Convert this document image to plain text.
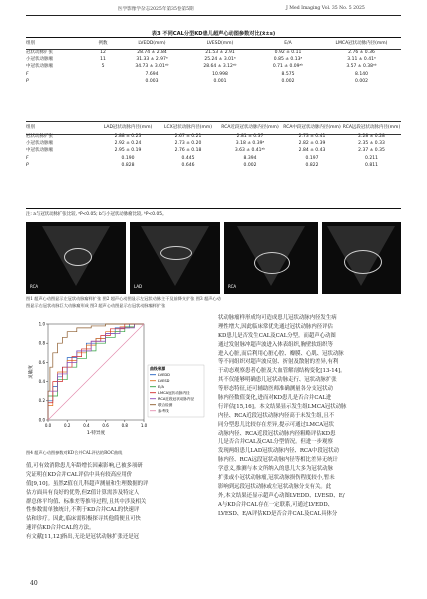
医学影像学杂志2025年第35卷第5期	J Med Imaging Vol. 35 No. 5 2025
表3 不同CAL分型KD患儿超声心动图参数对比(x̄±s)
组别	例数	LVEDD(mm)	LVESD(mm)	E/A	LMCA冠状动脉内径(mm)
冠状动脉扩张	12	28.74 ± 2.84	21.53 ± 2.91	0.92 ± 0.11	2.76 ± 0.36
小冠状动脉瘤	11	31.33 ± 2.97ᵃ	25.24 ± 3.01ᵃ	0.85 ± 0.13ᵃ	3.11 ± 0.41ᵃ
中冠状动脉瘤	5	34.73 ± 3.01ᵃᵇ	28.64 ± 3.12ᵃᵇ	0.71 ± 0.09ᵃᵇ	3.57 ± 0.38ᵃᵇ
F		7.694	10.998	8.575	8.140
P		0.003	0.001	0.002	0.002
组别	LAD冠状动脉内径(mm)	LCX冠状动脉内径(mm)	RCA近段冠状动脉内径(mm)	RCA中段冠状动脉内径(mm)	RCA远段冠状动脉内径(mm)
冠状动脉扩张	2.88 ± 0.23	2.67 ± 0.21	2.81 ± 0.37	2.73 ± 0.41	2.28 ± 0.28
小冠状动脉瘤	2.92 ± 0.24	2.73 ± 0.20	3.18 ± 0.39ᵃ	2.82 ± 0.39	2.35 ± 0.33
中冠状动脉瘤	2.95 ± 0.19	2.76 ± 0.18	3.63 ± 0.41ᵃᵇ	2.84 ± 0.43	2.37 ± 0.35
F	0.190	0.445	8.394	0.197	0.211
P	0.828	0.646	0.002	0.822	0.811
注: a与冠状动脉扩张比较, ᵃP<0.05; b与小冠状动脉瘤比较, ᵇP<0.05。
RCA	LAD	RCA
图1 超声心动图显示左冠状动脉瘤样扩张 图2 超声心动图显示左冠状动脉主干及前降支扩张 图3 超声心动
图显示右冠状动脉巨大动脉瘤形成 图3 超声心动图显示右冠状动脉瘤样扩张
0.0	0.2	0.4	0.6	0.8	1.0
0.0
0.2
0.4
0.6
0.8
1.0
1-特异度
灵敏度	曲线来源
LVEDD
LVESD
E/A
LMCA冠状动脉内径
RCA近段冠状动脉内径
联合检测
参考线
图4 超声心动图参数对KD合并CAL评估的ROC曲线
值,可有效消除患儿年龄增长因素影响,已被多项研
究证明在KD合并CAL评估中具有较高应用价
值[9,10]。虽然Z值在儿科超声测量和生理数据的评
估方面具有良好的优势,但Z值计算需涉及特定人
群总体平均值、标准差等推导过程,且其中涉及相关
性参数需单独统计,不利于KD合并CAL的快速评
估和诊疗。因此,临床需积极探寻其他简便且可快
速评估KD合并CAL的方法。
有文献[11,12]指出,无论是冠状动脉扩张还是冠
状动脉瘤样形成均可造成患儿冠状动脉内径发生病
理性增大,因此临床常优先通过冠状动脉内径评估
KD患儿是否发生CAL及CAL分型。而超声心动图
通过发射脉冲超声波进入体表组织,胸壁软组织等
进入心脏,而后利用心脏心腔、瓣膜、心肌、冠状动脉
等不同组织对超声波反射、折射及散射的差异,有利
于动态观察患者心脏及大血管解剖结构变化[13-14]。
其不仅能够明确患儿冠状动脉走行、冠状动脉扩张
等形态特征,还可辅助医师准确测量各分支冠状动
脉内径数值变化,进而对KD患儿是否合并CAL进
行评估[15,16]。本文结果显示发生组LMCA冠状动脉
内径、RCA近段冠状动脉内径高于未发生组,且不
同分型患儿比较存在差异,提示可通过LMCA冠状
动脉内径、RCA近段冠状动脉内径粗略评估KD患
儿是否合并CAL及CAL分型情况。但进一步观察
发现两组患儿LAD冠状动脉内径、RCA中段冠状动
脉内径、RCA远段冠状动脉内径等相比差异无统计
学意义,推测与本文所纳入的患儿大多为冠状动脉
扩张或小冠状动脉瘤,冠状动脉损伤程度较小,暂未
影响到远段冠状动脉或左冠状动脉分支有关。此
外,本文结果还显示超声心动图LVEDD、LVESD、E/
A与KD合并CAL存在一定联系,可通过LVEDD、
LVESD、E/A评估KD是否合并CAL及CAL具体分
40
